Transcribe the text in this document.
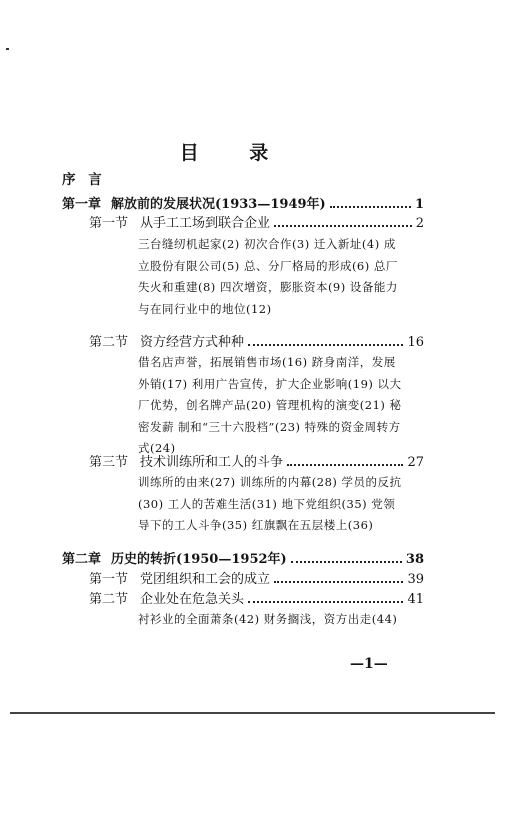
目 录
序 言
第一章 解放前的发展状况(1933—1949年)	1
第一节 从手工工场到联合企业	2
三台缝纫机起家(2) 初次合作(3) 迁入新址(4) 成立股份有限公司(5) 总、分厂格局的形成(6) 总厂失火和重建(8) 四次增资，膨胀资本(9) 设备能力与在同行业中的地位(12)
第二节 资方经营方式种种	16
借名店声誉，拓展销售市场(16) 跻身南洋，发展外销(17) 利用广告宣传，扩大企业影响(19) 以大厂优势，创名牌产品(20) 管理机构的演变(21) 秘密发薪 制和“三十六股档”(23) 特殊的资金周转方式(24)
第三节 技术训练所和工人的斗争	27
训练所的由来(27) 训练所的内幕(28) 学员的反抗(30) 工人的苦难生活(31) 地下党组织(35) 党领导下的工人斗争(35) 红旗飘在五层楼上(36)
第二章 历史的转折(1950—1952年)	38
第一节 党团组织和工会的成立	39
第二节 企业处在危急关头	41
衬衫业的全面萧条(42) 财务搁浅，资方出走(44)
—1—
